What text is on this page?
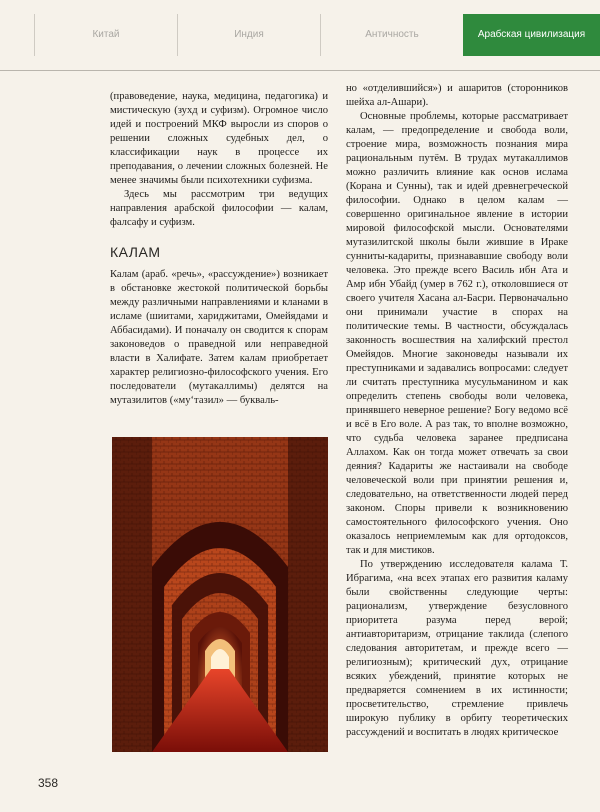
Китай	Индия	Античность	Арабская цивилизация

(правоведение, наука, медицина, педагогика) и мистическую (зухд и суфизм). Огромное число идей и построений МКФ выросли из споров о решении сложных судебных дел, о классификации наук в процессе их преподавания, о лечении сложных болезней. Не менее значимы были психотехники суфизма.

Здесь мы рассмотрим три ведущих направления арабской философии — калам, фалсафу и суфизм.

КАЛАМ

Калам (араб. «речь», «рассуждение») возникает в обстановке жестокой политической борьбы между различными направлениями и кланами в исламе (шиитами, хариджитами, Омейядами и Аббасидами). И поначалу он сводится к спорам законоведов о праведной или неправедной власти в Халифате. Затем калам приобретает характер религиозно-философского учения. Его последователи (мутакаллимы) делятся на мутазилитов («му‘тазил» — букваль-

но «отделившийся») и ашаритов (сторонников шейха ал-Ашари).

Основные проблемы, которые рассматривает калам, — предопределение и свобода воли, строение мира, возможность познания мира рациональным путём. В трудах мутакаллимов можно различить влияние как основ ислама (Корана и Сунны), так и идей древнегреческой философии. Однако в целом калам — совершенно оригинальное явление в истории мировой философской мысли. Основателями мутазилитской школы были жившие в Ираке сунниты-кадариты, признававшие свободу воли человека. Это прежде всего Василь ибн Ата и Амр ибн Убайд (умер в 762 г.), отколовшиеся от своего учителя Хасана ал-Басри. Первоначально они принимали участие в спорах на политические темы. В частности, обсуждалась законность восшествия на халифский престол Омейядов. Многие законоведы называли их преступниками и задавались вопросами: следует ли считать преступника мусульманином и как определить степень свободы воли человека, принявшего неверное решение? Богу ведомо всё и всё в Его воле. А раз так, то вполне возможно, что судьба человека заранее предписана Аллахом. Как он тогда может отвечать за свои деяния? Кадариты же настаивали на свободе человеческой воли при принятии решения и, следовательно, на ответственности людей перед законом. Споры привели к возникновению самостоятельного философского учения. Оно оказалось неприемлемым как для ортодоксов, так и для мистиков.

По утверждению исследователя калама Т. Ибрагима, «на всех этапах его развития каламу были свойственны следующие черты: рационализм, утверждение безусловного приоритета разума перед верой; антиавторитаризм, отрицание таклида (слепого следования авторитетам, и прежде всего — религиозным); критический дух, отрицание всяких убеждений, принятие которых не предваряется сомнением в их истинности; просветительство, стремление привлечь широкую публику в орбиту теоретических рассуждений и воспитать в людях критическое

358
